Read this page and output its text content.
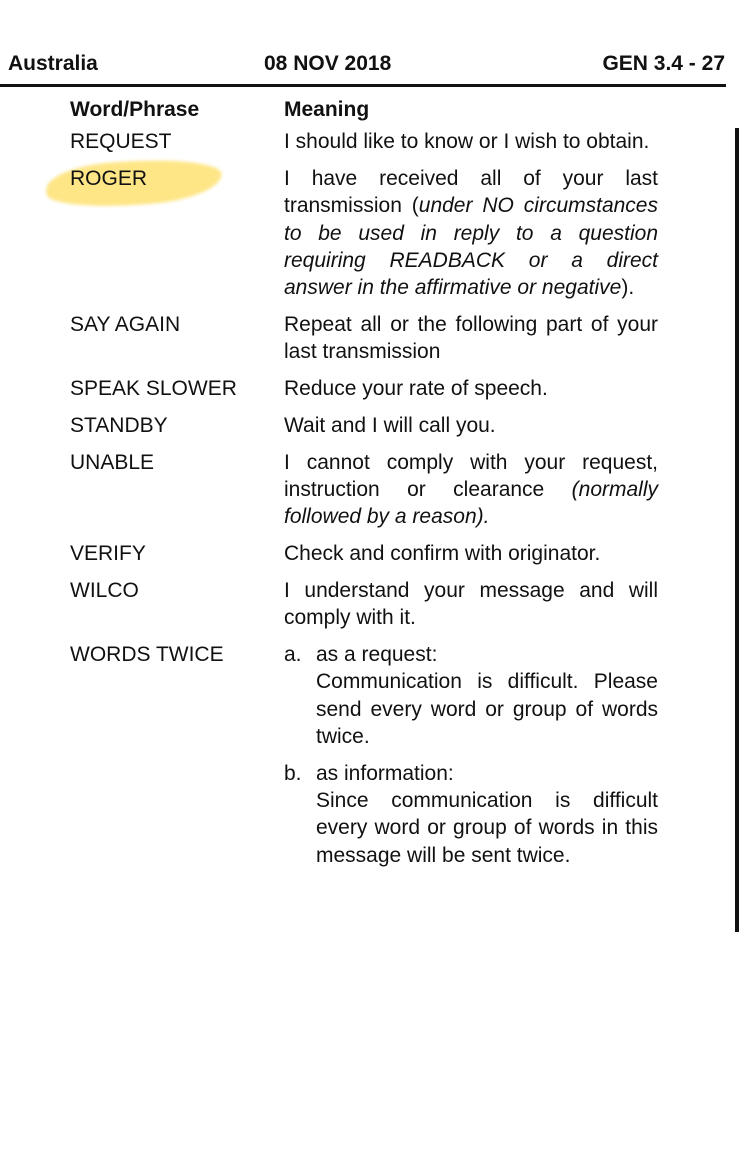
Australia	08 NOV 2018	GEN 3.4 - 27
Word/Phrase	Meaning
REQUEST	I should like to know or I wish to obtain.
ROGER	I have received all of your last transmission (under NO circumstances to be used in reply to a question requiring READBACK or a direct answer in the affirmative or negative).
SAY AGAIN	Repeat all or the following part of your last transmission
SPEAK SLOWER	Reduce your rate of speech.
STANDBY	Wait and I will call you.
UNABLE	I cannot comply with your request, instruction or clearance (normally followed by a reason).
VERIFY	Check and confirm with originator.
WILCO	I understand your message and will comply with it.
WORDS TWICE	a. as a request:
Communication is difficult. Please send every word or group of words twice.
b. as information:
Since communication is difficult every word or group of words in this message will be sent twice.
